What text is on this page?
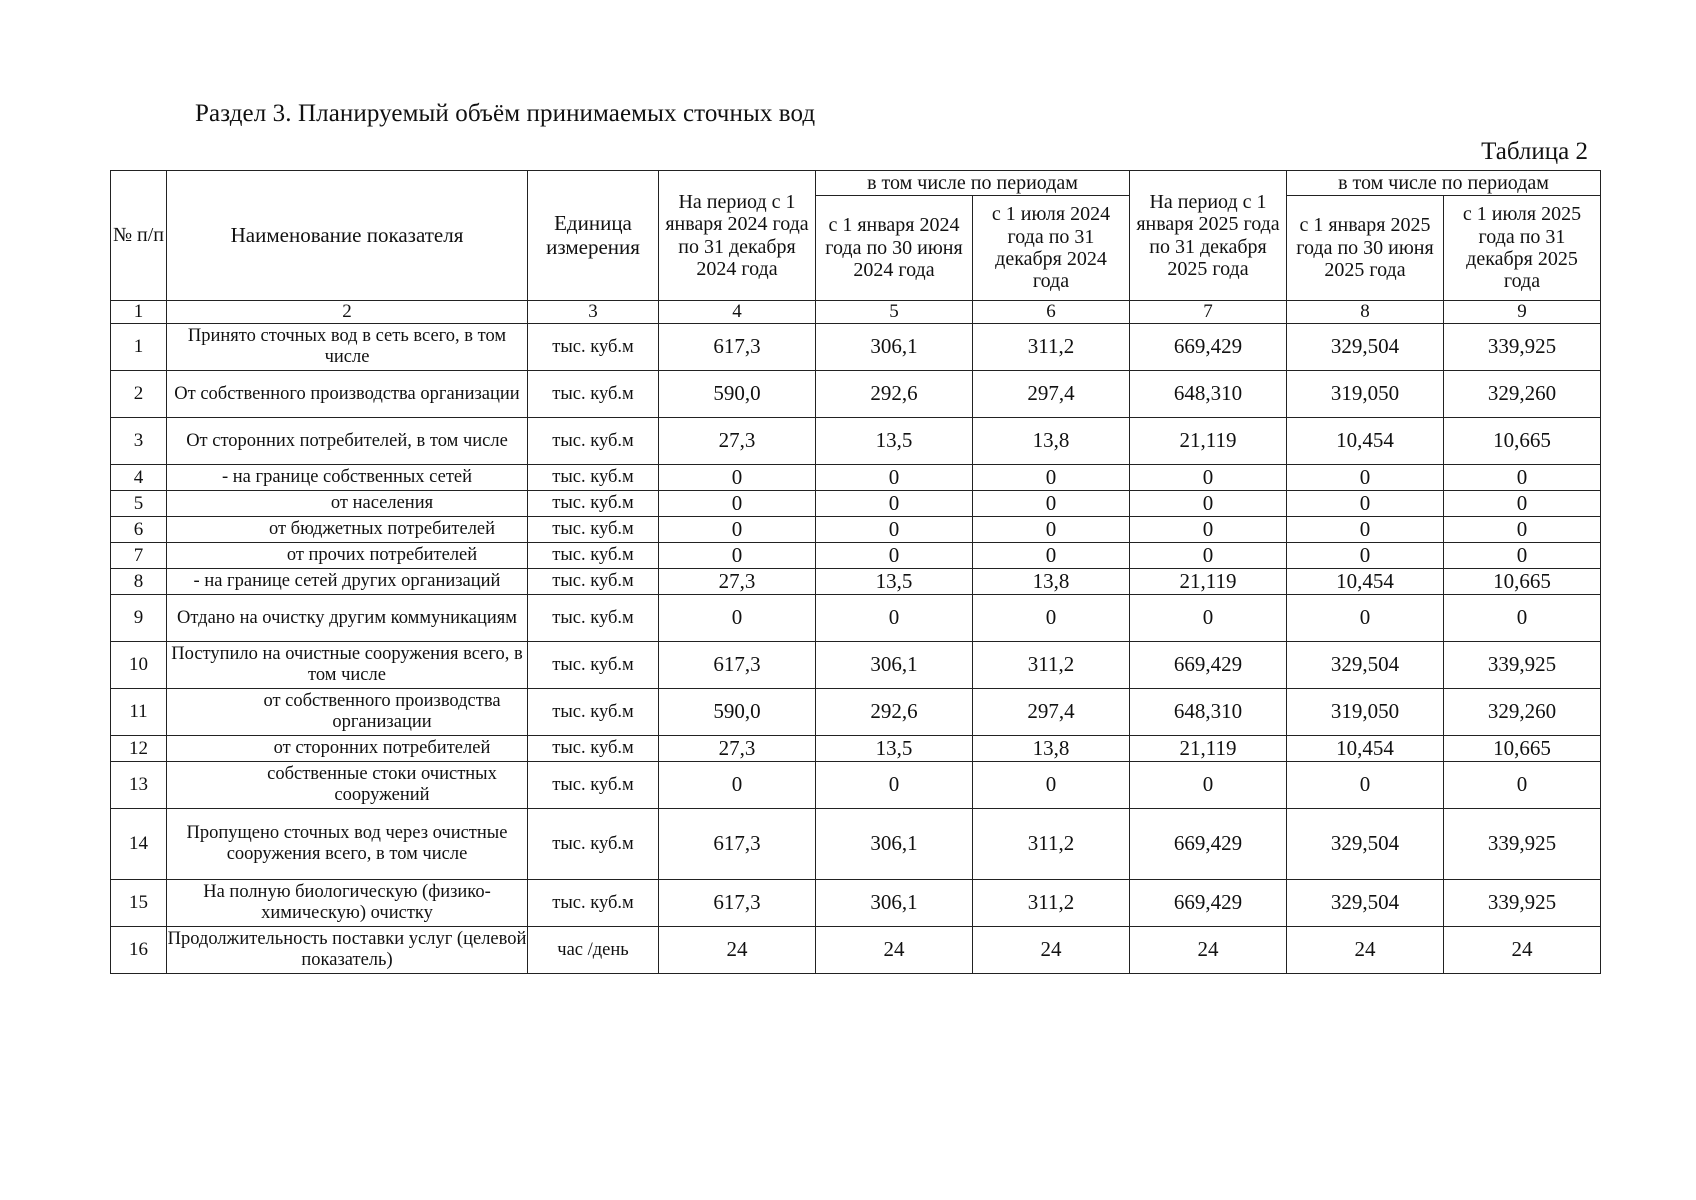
Раздел 3. Планируемый объём принимаемых сточных вод
Таблица 2
№ п/п	Наименование показателя	Единица измерения	На период с 1 января 2024 года по 31 декабря 2024 года	в том числе по периодам		На период с 1 января 2025 года по 31 декабря 2025 года	в том числе по периодам	
				с 1 января 2024 года по 30 июня 2024 года	с 1 июля 2024 года по 31 декабря 2024 года		с 1 января 2025 года по 30 июня 2025 года	с 1 июля 2025 года по 31 декабря 2025 года
1	2	3	4	5	6	7	8	9
1	Принято сточных вод в сеть всего, в том числе	тыс. куб.м	617,3	306,1	311,2	669,429	329,504	339,925
2	От собственного производства организации	тыс. куб.м	590,0	292,6	297,4	648,310	319,050	329,260
3	От сторонних потребителей, в том числе	тыс. куб.м	27,3	13,5	13,8	21,119	10,454	10,665
4	- на границе собственных сетей	тыс. куб.м	0	0	0	0	0	0
5	от населения	тыс. куб.м	0	0	0	0	0	0
6	от бюджетных потребителей	тыс. куб.м	0	0	0	0	0	0
7	от прочих потребителей	тыс. куб.м	0	0	0	0	0	0
8	- на границе сетей других организаций	тыс. куб.м	27,3	13,5	13,8	21,119	10,454	10,665
9	Отдано на очистку другим коммуникациям	тыс. куб.м	0	0	0	0	0	0
10	Поступило на очистные сооружения всего, в том числе	тыс. куб.м	617,3	306,1	311,2	669,429	329,504	339,925
11	от собственного производства организации	тыс. куб.м	590,0	292,6	297,4	648,310	319,050	329,260
12	от сторонних потребителей	тыс. куб.м	27,3	13,5	13,8	21,119	10,454	10,665
13	собственные стоки очистных сооружений	тыс. куб.м	0	0	0	0	0	0
14	Пропущено сточных вод через очистные сооружения всего, в том числе	тыс. куб.м	617,3	306,1	311,2	669,429	329,504	339,925
15	На полную биологическую (физико-химическую) очистку	тыс. куб.м	617,3	306,1	311,2	669,429	329,504	339,925
16	Продолжительность поставки услуг (целевой показатель)	час /день	24	24	24	24	24	24
